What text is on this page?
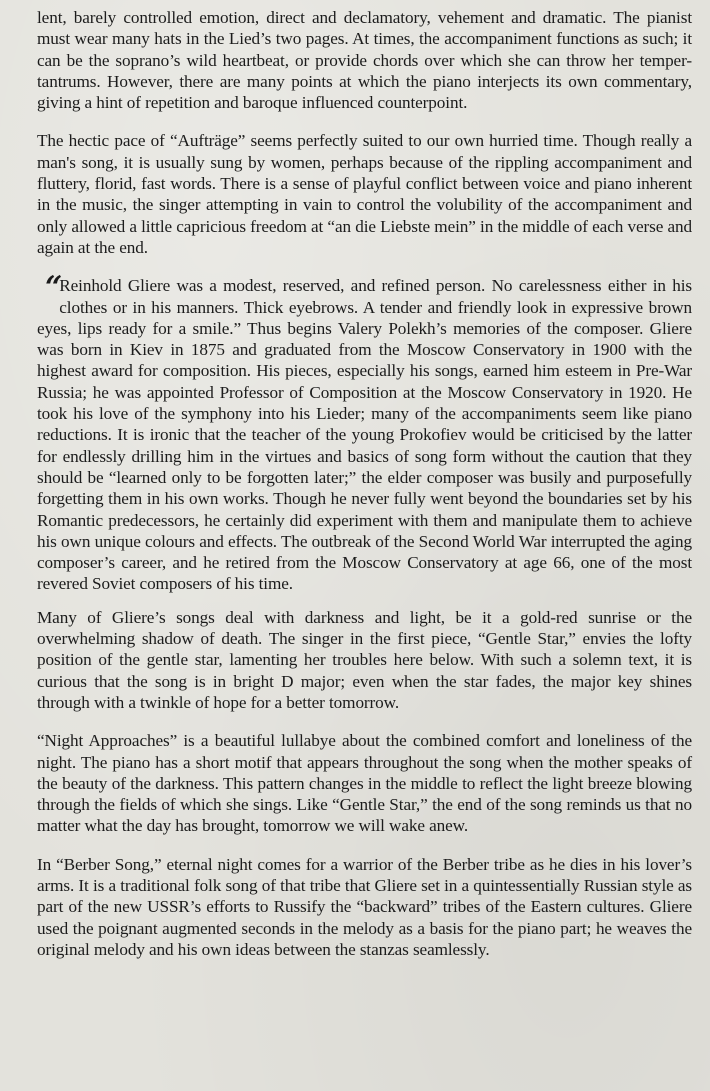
lent, barely controlled emotion, direct and declamatory, vehement and dramatic. The pianist must wear many hats in the Lied’s two pages. At times, the accompaniment functions as such; it can be the soprano’s wild heartbeat, or provide chords over which she can throw her temper-tantrums. However, there are many points at which the piano interjects its own commentary, giving a hint of repetition and baroque influenced counterpoint.

The hectic pace of “Aufträge” seems perfectly suited to our own hurried time. Though really a man's song, it is usually sung by women, perhaps because of the rippling accompaniment and fluttery, florid, fast words. There is a sense of playful conflict between voice and piano inherent in the music, the singer attempting in vain to control the volubility of the accompaniment and only allowed a little capricious freedom at “an die Liebste mein” in the middle of each verse and again at the end.

“ Reinhold Gliere was a modest, reserved, and refined person. No carelessness either in his clothes or in his manners. Thick eyebrows. A tender and friendly look in expressive brown eyes, lips ready for a smile.” Thus begins Valery Polekh’s memories of the composer. Gliere was born in Kiev in 1875 and graduated from the Moscow Conservatory in 1900 with the highest award for composition. His pieces, especially his songs, earned him esteem in Pre-War Russia; he was appointed Professor of Composition at the Moscow Conservatory in 1920. He took his love of the symphony into his Lieder; many of the accompaniments seem like piano reductions. It is ironic that the teacher of the young Prokofiev would be criticised by the latter for endlessly drilling him in the virtues and basics of song form without the caution that they should be “learned only to be forgotten later;” the elder composer was busily and purposefully forgetting them in his own works. Though he never fully went beyond the boundaries set by his Romantic predecessors, he certainly did experiment with them and manipulate them to achieve his own unique colours and effects. The outbreak of the Second World War interrupted the aging composer’s career, and he retired from the Moscow Conservatory at age 66, one of the most revered Soviet composers of his time.

Many of Gliere’s songs deal with darkness and light, be it a gold-red sunrise or the overwhelming shadow of death. The singer in the first piece, “Gentle Star,” envies the lofty position of the gentle star, lamenting her troubles here below. With such a solemn text, it is curious that the song is in bright D major; even when the star fades, the major key shines through with a twinkle of hope for a better tomorrow.

“Night Approaches” is a beautiful lullabye about the combined comfort and loneliness of the night. The piano has a short motif that appears throughout the song when the mother speaks of the beauty of the darkness. This pattern changes in the middle to reflect the light breeze blowing through the fields of which she sings. Like “Gentle Star,” the end of the song reminds us that no matter what the day has brought, tomorrow we will wake anew.

In “Berber Song,” eternal night comes for a warrior of the Berber tribe as he dies in his lover’s arms. It is a traditional folk song of that tribe that Gliere set in a quintessentially Russian style as part of the new USSR’s efforts to Russify the “backward” tribes of the Eastern cultures. Gliere used the poignant augmented seconds in the melody as a basis for the piano part; he weaves the original melody and his own ideas between the stanzas seamlessly.
